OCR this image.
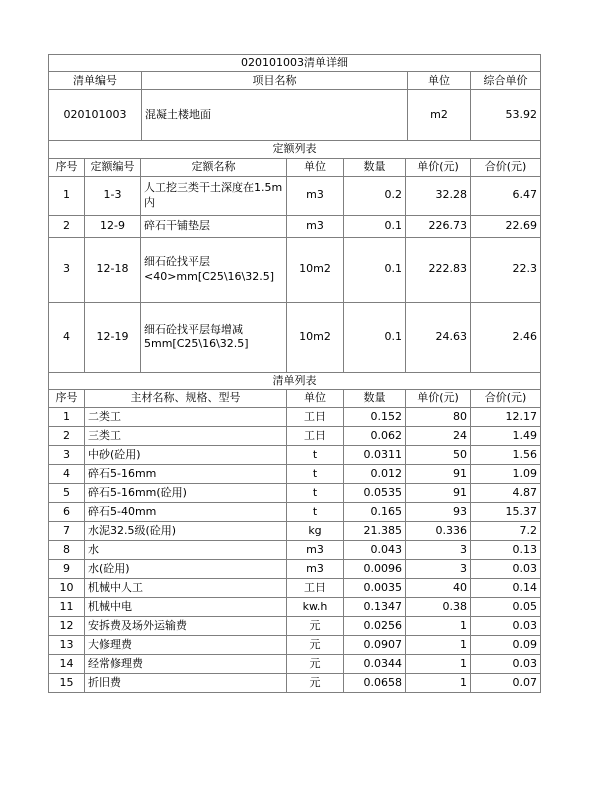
020101003清单详细			
清单编号	项目名称	单位	综合单价
020101003	混凝土楼地面	m2	53.92
定额列表						
序号	定额编号	定额名称	单位	数量	单价(元)	合价(元)
1	1-3	人工挖三类干土深度在1.5m内	m3	0.2	32.28	6.47
2	12-9	碎石干铺垫层	m3	0.1	226.73	22.69
3	12-18	细石砼找平层<40>mm[C25\16\32.5]	10m2	0.1	222.83	22.3
4	12-19	细石砼找平层每增减5mm[C25\16\32.5]	10m2	0.1	24.63	2.46
清单列表					
序号	主材名称、规格、型号	单位	数量	单价(元)	合价(元)
1	二类工	工日	0.152	80	12.17
2	三类工	工日	0.062	24	1.49
3	中砂(砼用)	t	0.0311	50	1.56
4	碎石5-16mm	t	0.012	91	1.09
5	碎石5-16mm(砼用)	t	0.0535	91	4.87
6	碎石5-40mm	t	0.165	93	15.37
7	水泥32.5级(砼用)	kg	21.385	0.336	7.2
8	水	m3	0.043	3	0.13
9	水(砼用)	m3	0.0096	3	0.03
10	机械中人工	工日	0.0035	40	0.14
11	机械中电	kw.h	0.1347	0.38	0.05
12	安拆费及场外运输费	元	0.0256	1	0.03
13	大修理费	元	0.0907	1	0.09
14	经常修理费	元	0.0344	1	0.03
15	折旧费	元	0.0658	1	0.07
